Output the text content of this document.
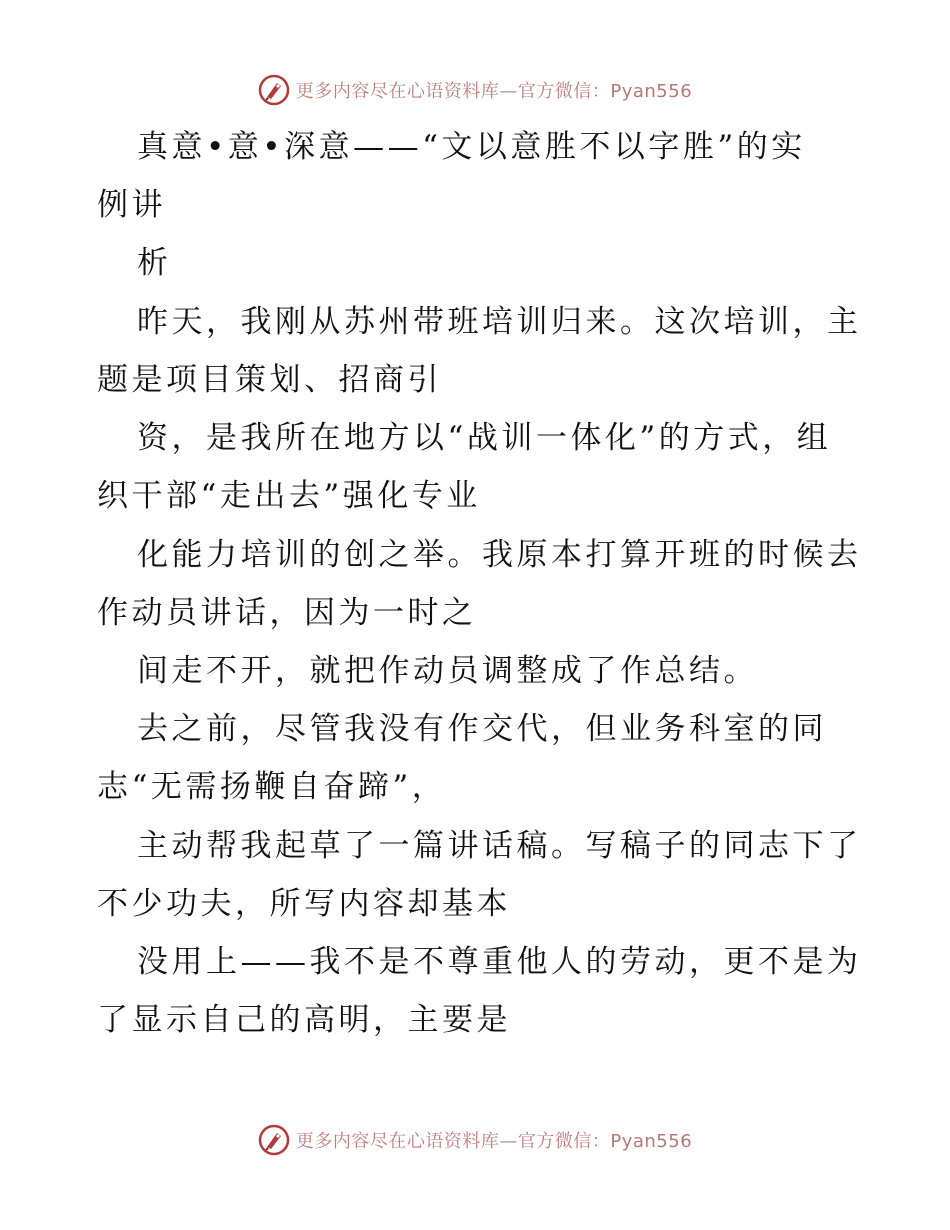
更多内容尽在心语资料库—官方微信：Pyan556
真意•意•深意——“文以意胜不以字胜”的实
例讲
析
昨天，我刚从苏州带班培训归来。这次培训，主
题是项目策划、招商引
资，是我所在地方以“战训一体化”的方式，组
织干部“走出去”强化专业
化能力培训的创之举。我原本打算开班的时候去
作动员讲话，因为一时之
间走不开，就把作动员调整成了作总结。
去之前，尽管我没有作交代，但业务科室的同
志“无需扬鞭自奋蹄”，
主动帮我起草了一篇讲话稿。写稿子的同志下了
不少功夫，所写内容却基本
没用上——我不是不尊重他人的劳动，更不是为
了显示自己的高明，主要是
更多内容尽在心语资料库—官方微信：Pyan556
